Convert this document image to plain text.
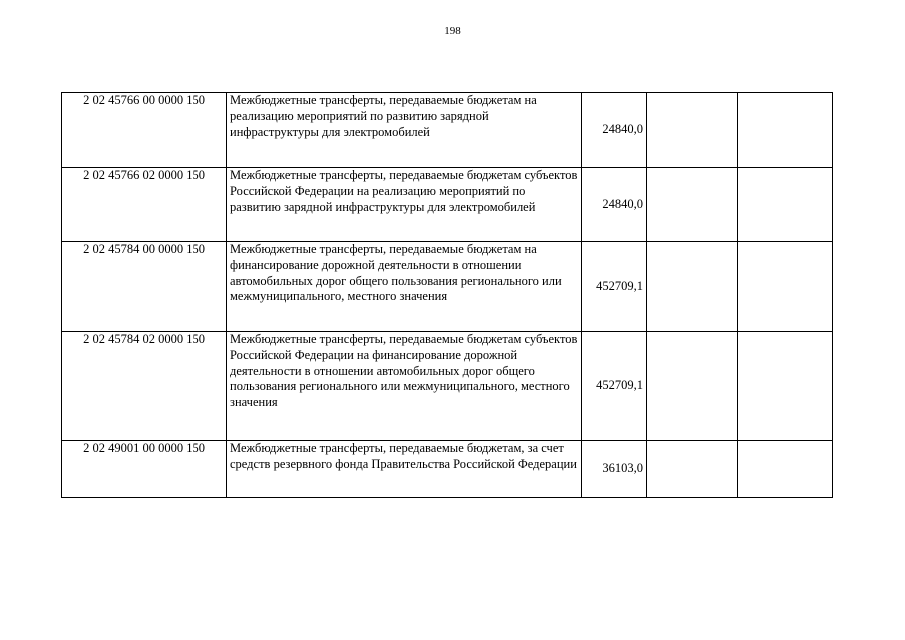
198
2 02 45766 00 0000 150	Межбюджетные трансферты, передаваемые бюджетам на реализацию мероприятий по развитию зарядной инфраструктуры для электромобилей	24840,0		
2 02 45766 02 0000 150	Межбюджетные трансферты, передаваемые бюджетам субъектов Российской Федерации на реализацию мероприятий по развитию зарядной инфраструктуры для электромобилей	24840,0		
2 02 45784 00 0000 150	Межбюджетные трансферты, передаваемые бюджетам на финансирование дорожной деятельности в отношении автомобильных дорог общего пользования регионального или межмуниципального, местного значения	452709,1		
2 02 45784 02 0000 150	Межбюджетные трансферты, передаваемые бюджетам субъектов Российской Федерации на финансирование дорожной деятельности в отношении автомобильных дорог общего пользования регионального или межмуниципального, местного значения	452709,1		
2 02 49001 00 0000 150	Межбюджетные трансферты, передаваемые бюджетам, за счет средств резервного фонда Правительства Российской Федерации	36103,0		
